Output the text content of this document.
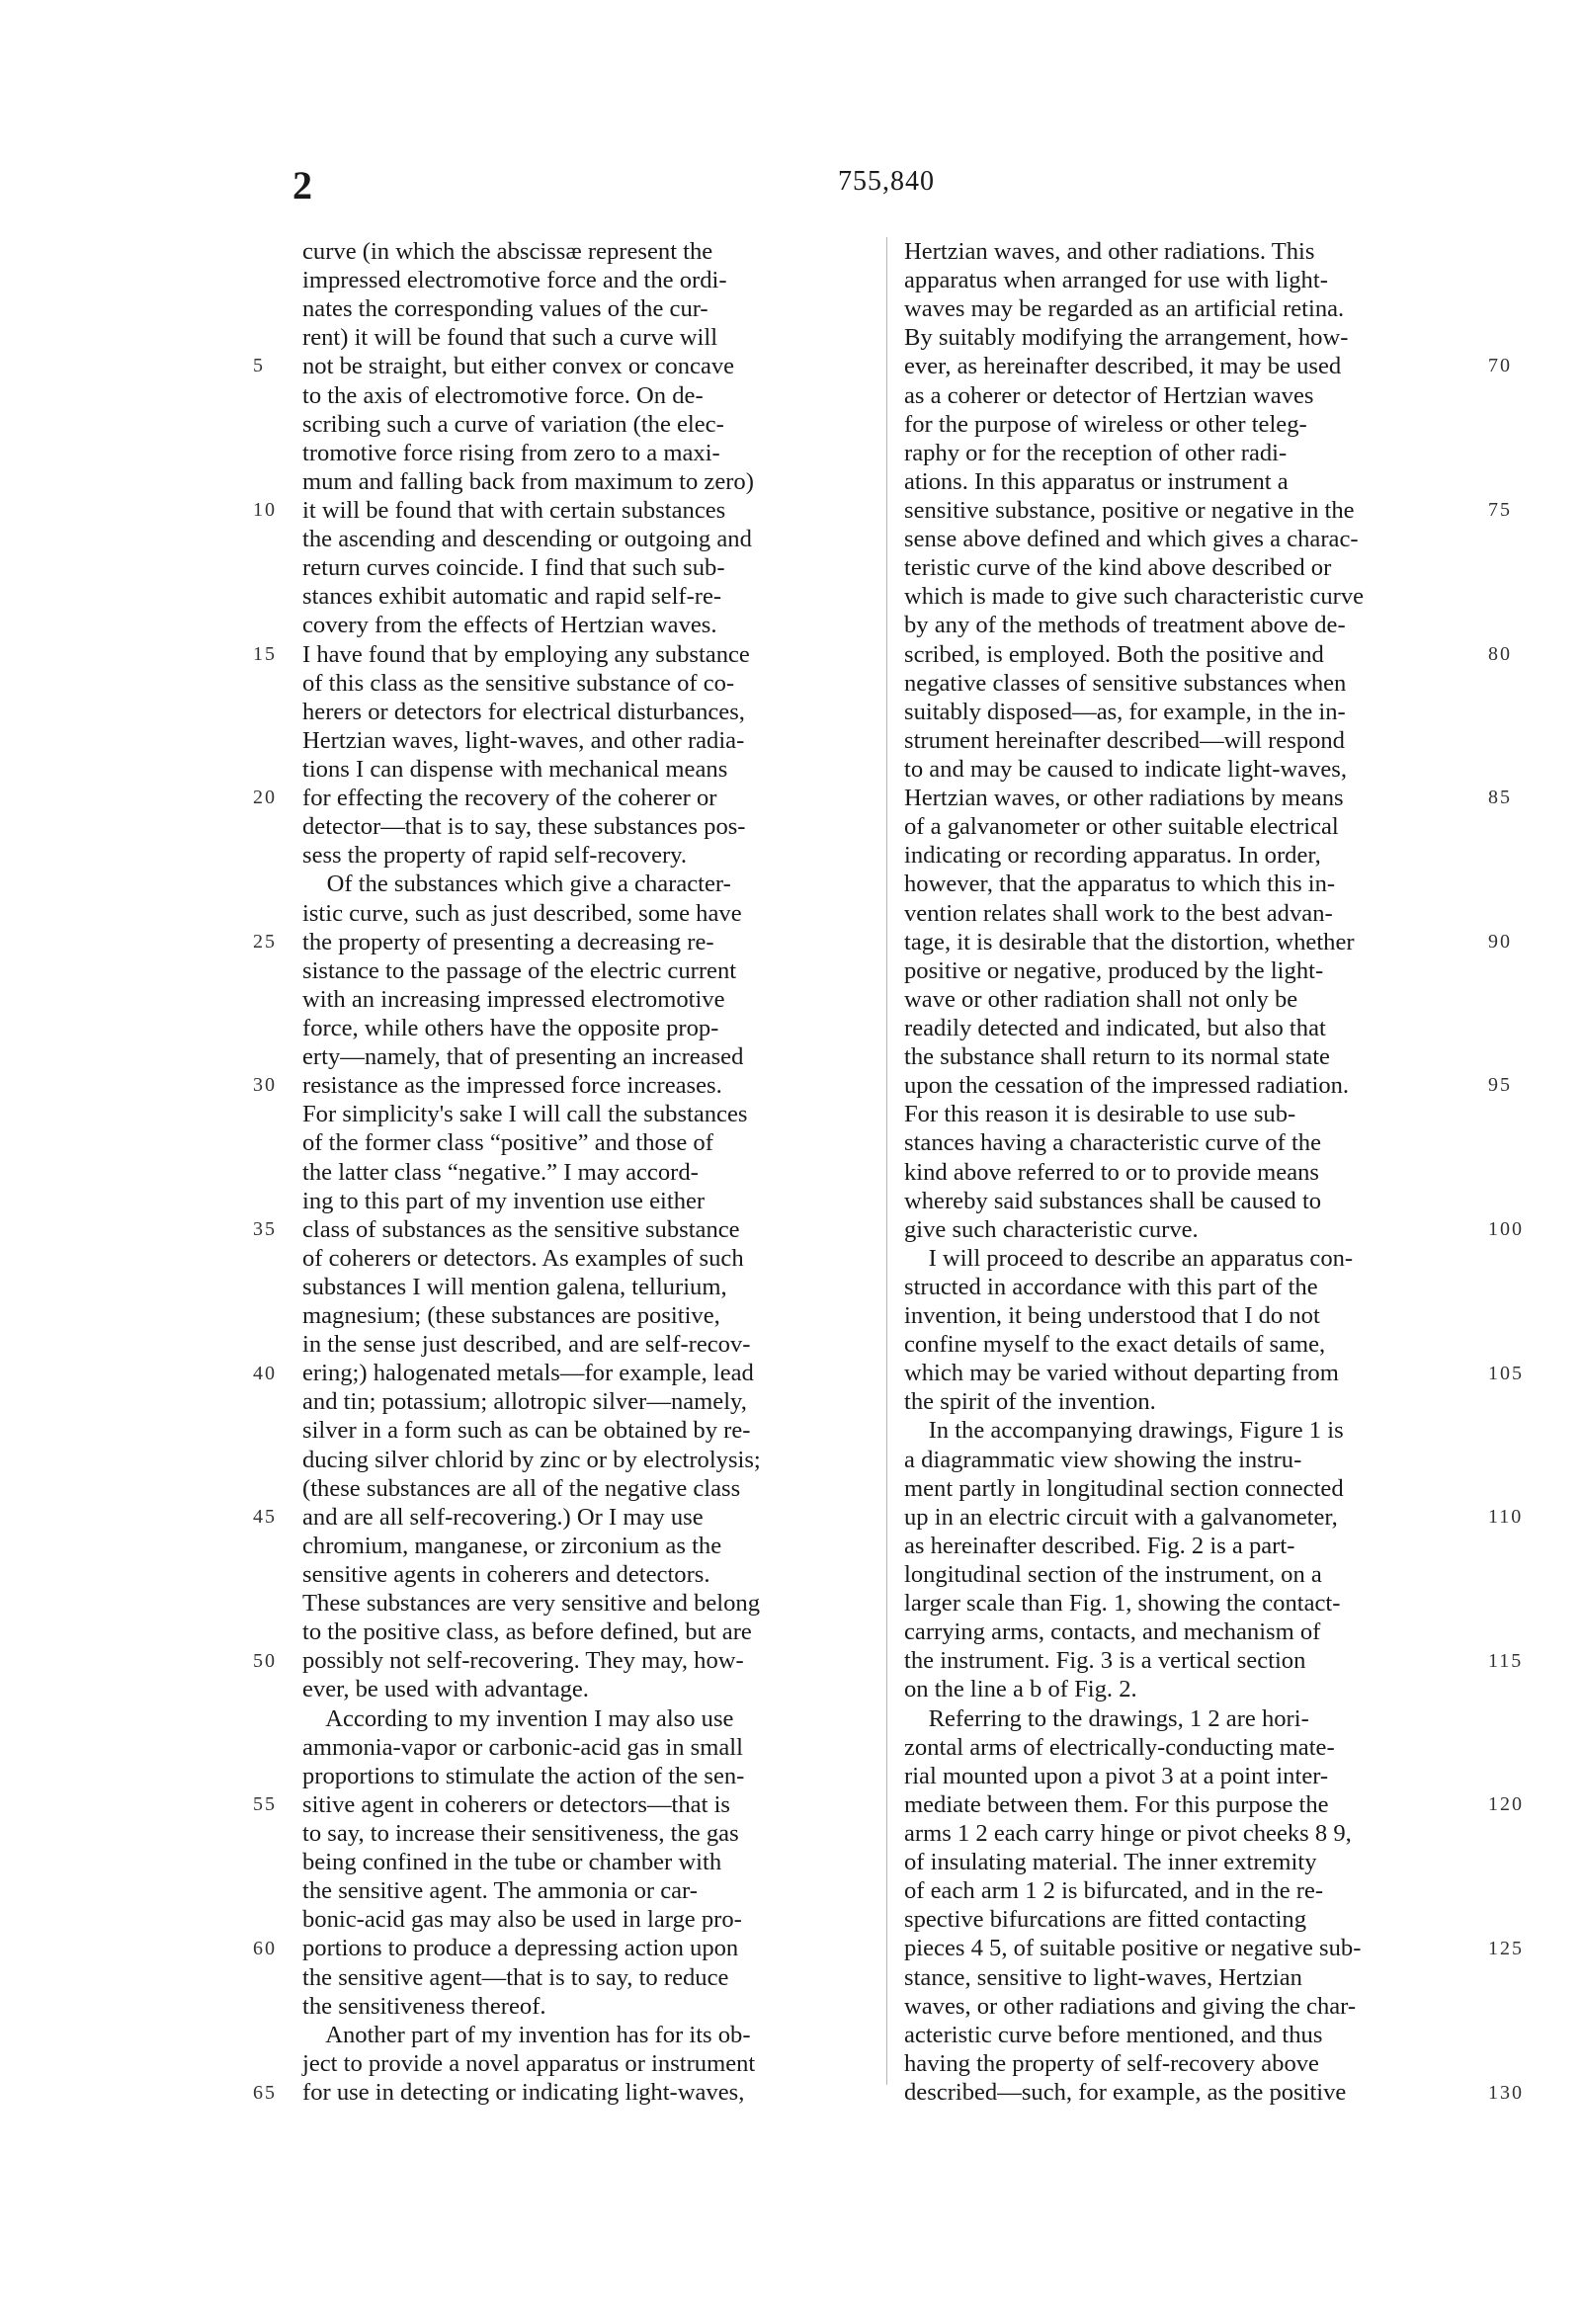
2	755,840
curve (in which the abscissæ represent the
impressed electromotive force and the ordi-
nates the corresponding values of the cur-
rent) it will be found that such a curve will
not be straight, but either convex or concave
to the axis of electromotive force. On de-
scribing such a curve of variation (the elec-
tromotive force rising from zero to a maxi-
mum and falling back from maximum to zero)
it will be found that with certain substances
the ascending and descending or outgoing and
return curves coincide. I find that such sub-
stances exhibit automatic and rapid self-re-
covery from the effects of Hertzian waves.
I have found that by employing any substance
of this class as the sensitive substance of co-
herers or detectors for electrical disturbances,
Hertzian waves, light-waves, and other radia-
tions I can dispense with mechanical means
for effecting the recovery of the coherer or
detector—that is to say, these substances pos-
sess the property of rapid self-recovery.
Of the substances which give a character-
istic curve, such as just described, some have
the property of presenting a decreasing re-
sistance to the passage of the electric current
with an increasing impressed electromotive
force, while others have the opposite prop-
erty—namely, that of presenting an increased
resistance as the impressed force increases.
For simplicity's sake I will call the substances
of the former class “positive” and those of
the latter class “negative.” I may accord-
ing to this part of my invention use either
class of substances as the sensitive substance
of coherers or detectors. As examples of such
substances I will mention galena, tellurium,
magnesium; (these substances are positive,
in the sense just described, and are self-recov-
ering;) halogenated metals—for example, lead
and tin; potassium; allotropic silver—namely,
silver in a form such as can be obtained by re-
ducing silver chlorid by zinc or by electrolysis;
(these substances are all of the negative class
and are all self-recovering.) Or I may use
chromium, manganese, or zirconium as the
sensitive agents in coherers and detectors.
These substances are very sensitive and belong
to the positive class, as before defined, but are
possibly not self-recovering. They may, how-
ever, be used with advantage.
According to my invention I may also use
ammonia-vapor or carbonic-acid gas in small
proportions to stimulate the action of the sen-
sitive agent in coherers or detectors—that is
to say, to increase their sensitiveness, the gas
being confined in the tube or chamber with
the sensitive agent. The ammonia or car-
bonic-acid gas may also be used in large pro-
portions to produce a depressing action upon
the sensitive agent—that is to say, to reduce
the sensitiveness thereof.
Another part of my invention has for its ob-
ject to provide a novel apparatus or instrument
for use in detecting or indicating light-waves,
Hertzian waves, and other radiations. This
apparatus when arranged for use with light-
waves may be regarded as an artificial retina.
By suitably modifying the arrangement, how-
ever, as hereinafter described, it may be used
as a coherer or detector of Hertzian waves
for the purpose of wireless or other teleg-
raphy or for the reception of other radi-
ations. In this apparatus or instrument a
sensitive substance, positive or negative in the
sense above defined and which gives a charac-
teristic curve of the kind above described or
which is made to give such characteristic curve
by any of the methods of treatment above de-
scribed, is employed. Both the positive and
negative classes of sensitive substances when
suitably disposed—as, for example, in the in-
strument hereinafter described—will respond
to and may be caused to indicate light-waves,
Hertzian waves, or other radiations by means
of a galvanometer or other suitable electrical
indicating or recording apparatus. In order,
however, that the apparatus to which this in-
vention relates shall work to the best advan-
tage, it is desirable that the distortion, whether
positive or negative, produced by the light-
wave or other radiation shall not only be
readily detected and indicated, but also that
the substance shall return to its normal state
upon the cessation of the impressed radiation.
For this reason it is desirable to use sub-
stances having a characteristic curve of the
kind above referred to or to provide means
whereby said substances shall be caused to
give such characteristic curve.
I will proceed to describe an apparatus con-
structed in accordance with this part of the
invention, it being understood that I do not
confine myself to the exact details of same,
which may be varied without departing from
the spirit of the invention.
In the accompanying drawings, Figure 1 is
a diagrammatic view showing the instru-
ment partly in longitudinal section connected
up in an electric circuit with a galvanometer,
as hereinafter described. Fig. 2 is a part-
longitudinal section of the instrument, on a
larger scale than Fig. 1, showing the contact-
carrying arms, contacts, and mechanism of
the instrument. Fig. 3 is a vertical section
on the line a b of Fig. 2.
Referring to the drawings, 1 2 are hori-
zontal arms of electrically-conducting mate-
rial mounted upon a pivot 3 at a point inter-
mediate between them. For this purpose the
arms 1 2 each carry hinge or pivot cheeks 8 9,
of insulating material. The inner extremity
of each arm 1 2 is bifurcated, and in the re-
spective bifurcations are fitted contacting
pieces 4 5, of suitable positive or negative sub-
stance, sensitive to light-waves, Hertzian
waves, or other radiations and giving the char-
acteristic curve before mentioned, and thus
having the property of self-recovery above
described—such, for example, as the positive
5
10
15
20
25
30
35
40
45
50
55
60
65
70
75
80
85
90
95
100
105
110
115
120
125
130
